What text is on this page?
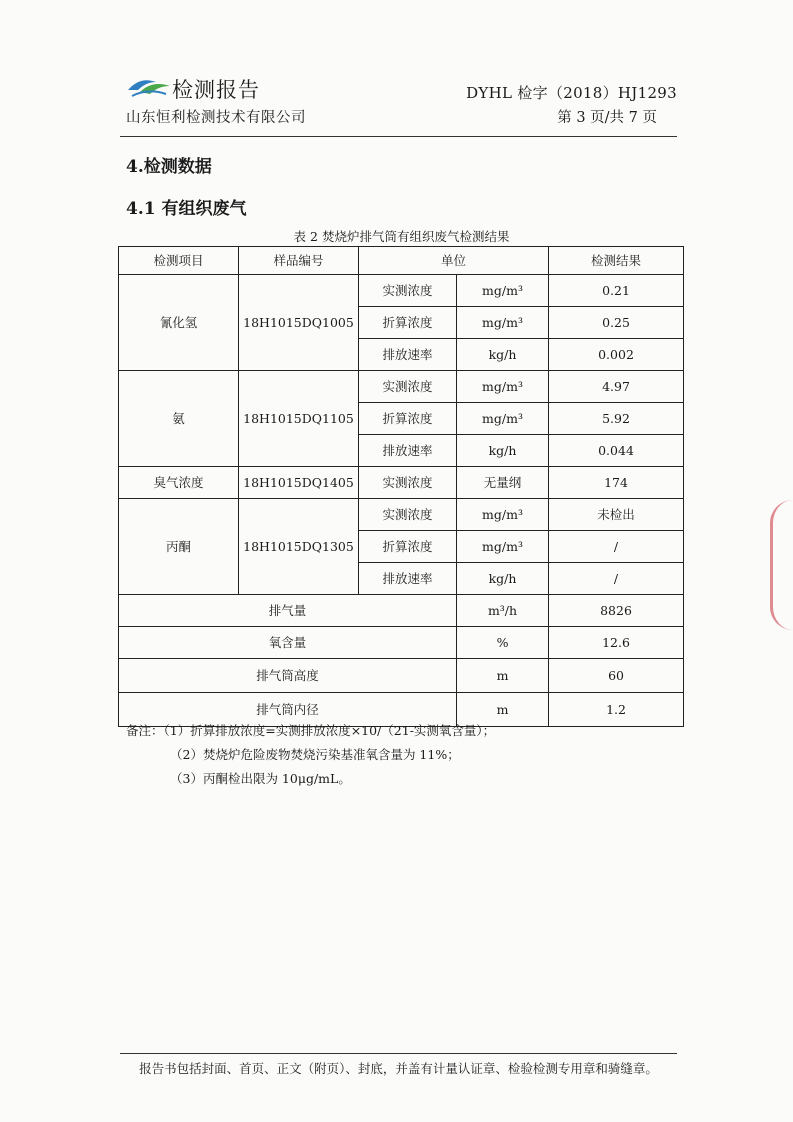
检测报告
山东恒利检测技术有限公司
DYHL 检字（2018）HJ1293
第 3 页/共 7 页
4.检测数据
4.1 有组织废气
表 2 焚烧炉排气筒有组织废气检测结果
检测项目	样品编号	单位		检测结果
氰化氢	18H1015DQ1005	实测浓度	mg/m³	0.21
		折算浓度	mg/m³	0.25
		排放速率	kg/h	0.002
氨	18H1015DQ1105	实测浓度	mg/m³	4.97
		折算浓度	mg/m³	5.92
		排放速率	kg/h	0.044
臭气浓度	18H1015DQ1405	实测浓度	无量纲	174
丙酮	18H1015DQ1305	实测浓度	mg/m³	未检出
		折算浓度	mg/m³	/
		排放速率	kg/h	/
排气量			m³/h	8826
氧含量			%	12.6
排气筒高度			m	60
排气筒内径			m	1.2
备注：（1）折算排放浓度=实测排放浓度×10/（21-实测氧含量）；
（2）焚烧炉危险废物焚烧污染基准氧含量为 11%；
（3）丙酮检出限为 10μg/mL。
报告书包括封面、首页、正文（附页）、封底，并盖有计量认证章、检验检测专用章和骑缝章。
